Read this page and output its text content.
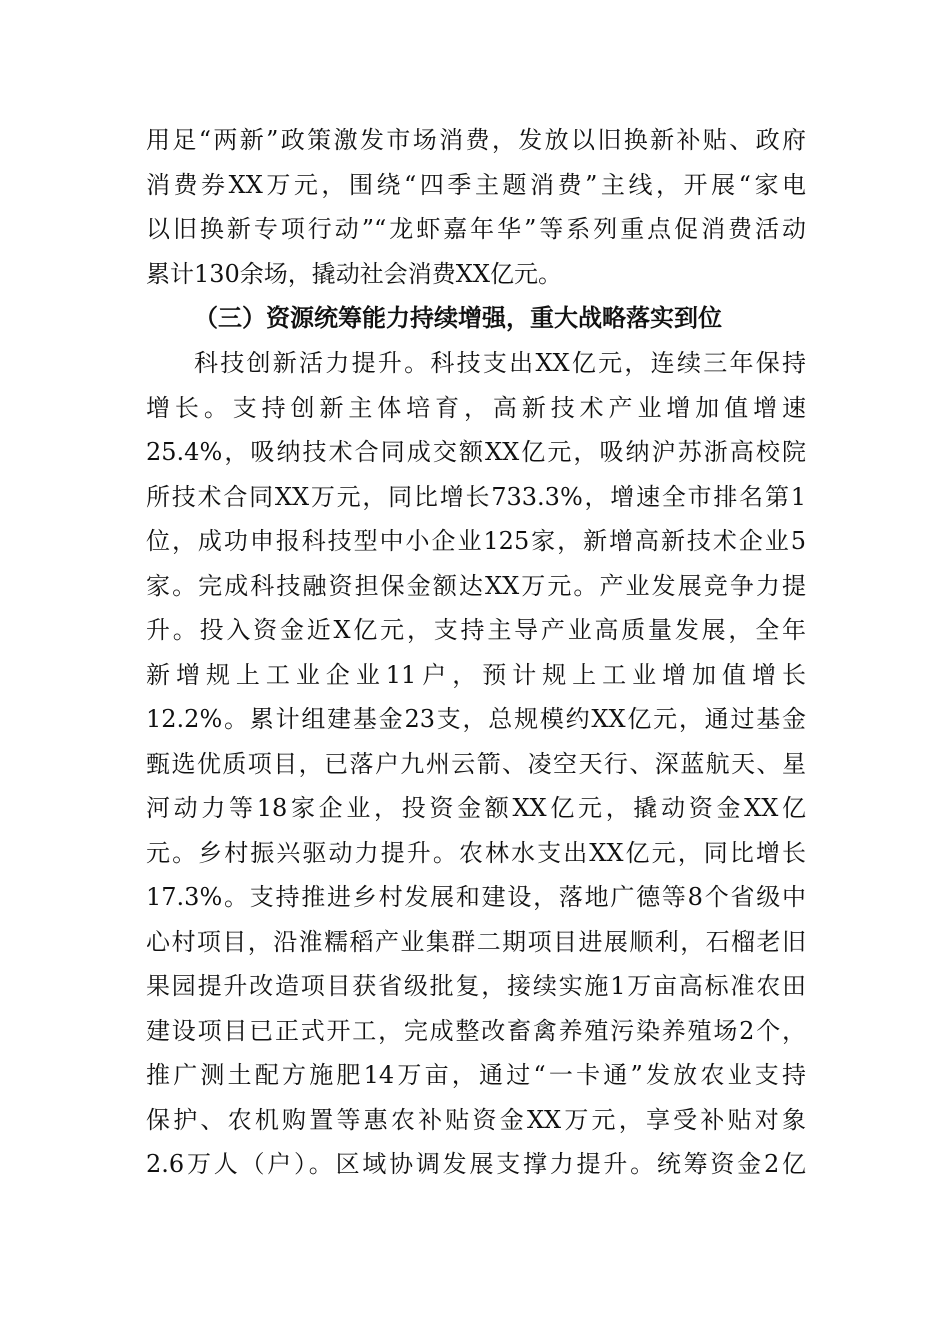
用足“两新”政策激发市场消费，发放以旧换新补贴、政府
消费券XX万元，围绕“四季主题消费”主线，开展“家电
以旧换新专项行动”“龙虾嘉年华”等系列重点促消费活动
累计130余场，撬动社会消费XX亿元。
（三）资源统筹能力持续增强，重大战略落实到位
科技创新活力提升。科技支出XX亿元，连续三年保持
增长。支持创新主体培育，高新技术产业增加值增速
25.4%，吸纳技术合同成交额XX亿元，吸纳沪苏浙高校院
所技术合同XX万元，同比增长733.3%，增速全市排名第1
位，成功申报科技型中小企业125家，新增高新技术企业5
家。完成科技融资担保金额达XX万元。产业发展竞争力提
升。投入资金近X亿元，支持主导产业高质量发展，全年
新增规上工业企业11户，预计规上工业增加值增长
12.2%。累计组建基金23支，总规模约XX亿元，通过基金
甄选优质项目，已落户九州云箭、凌空天行、深蓝航天、星
河动力等18家企业，投资金额XX亿元，撬动资金XX亿
元。乡村振兴驱动力提升。农林水支出XX亿元，同比增长
17.3%。支持推进乡村发展和建设，落地广德等8个省级中
心村项目，沿淮糯稻产业集群二期项目进展顺利，石榴老旧
果园提升改造项目获省级批复，接续实施1万亩高标准农田
建设项目已正式开工，完成整改畜禽养殖污染养殖场2个，
推广测土配方施肥14万亩，通过“一卡通”发放农业支持
保护、农机购置等惠农补贴资金XX万元，享受补贴对象
2.6万人（户）。区域协调发展支撑力提升。统筹资金2亿
